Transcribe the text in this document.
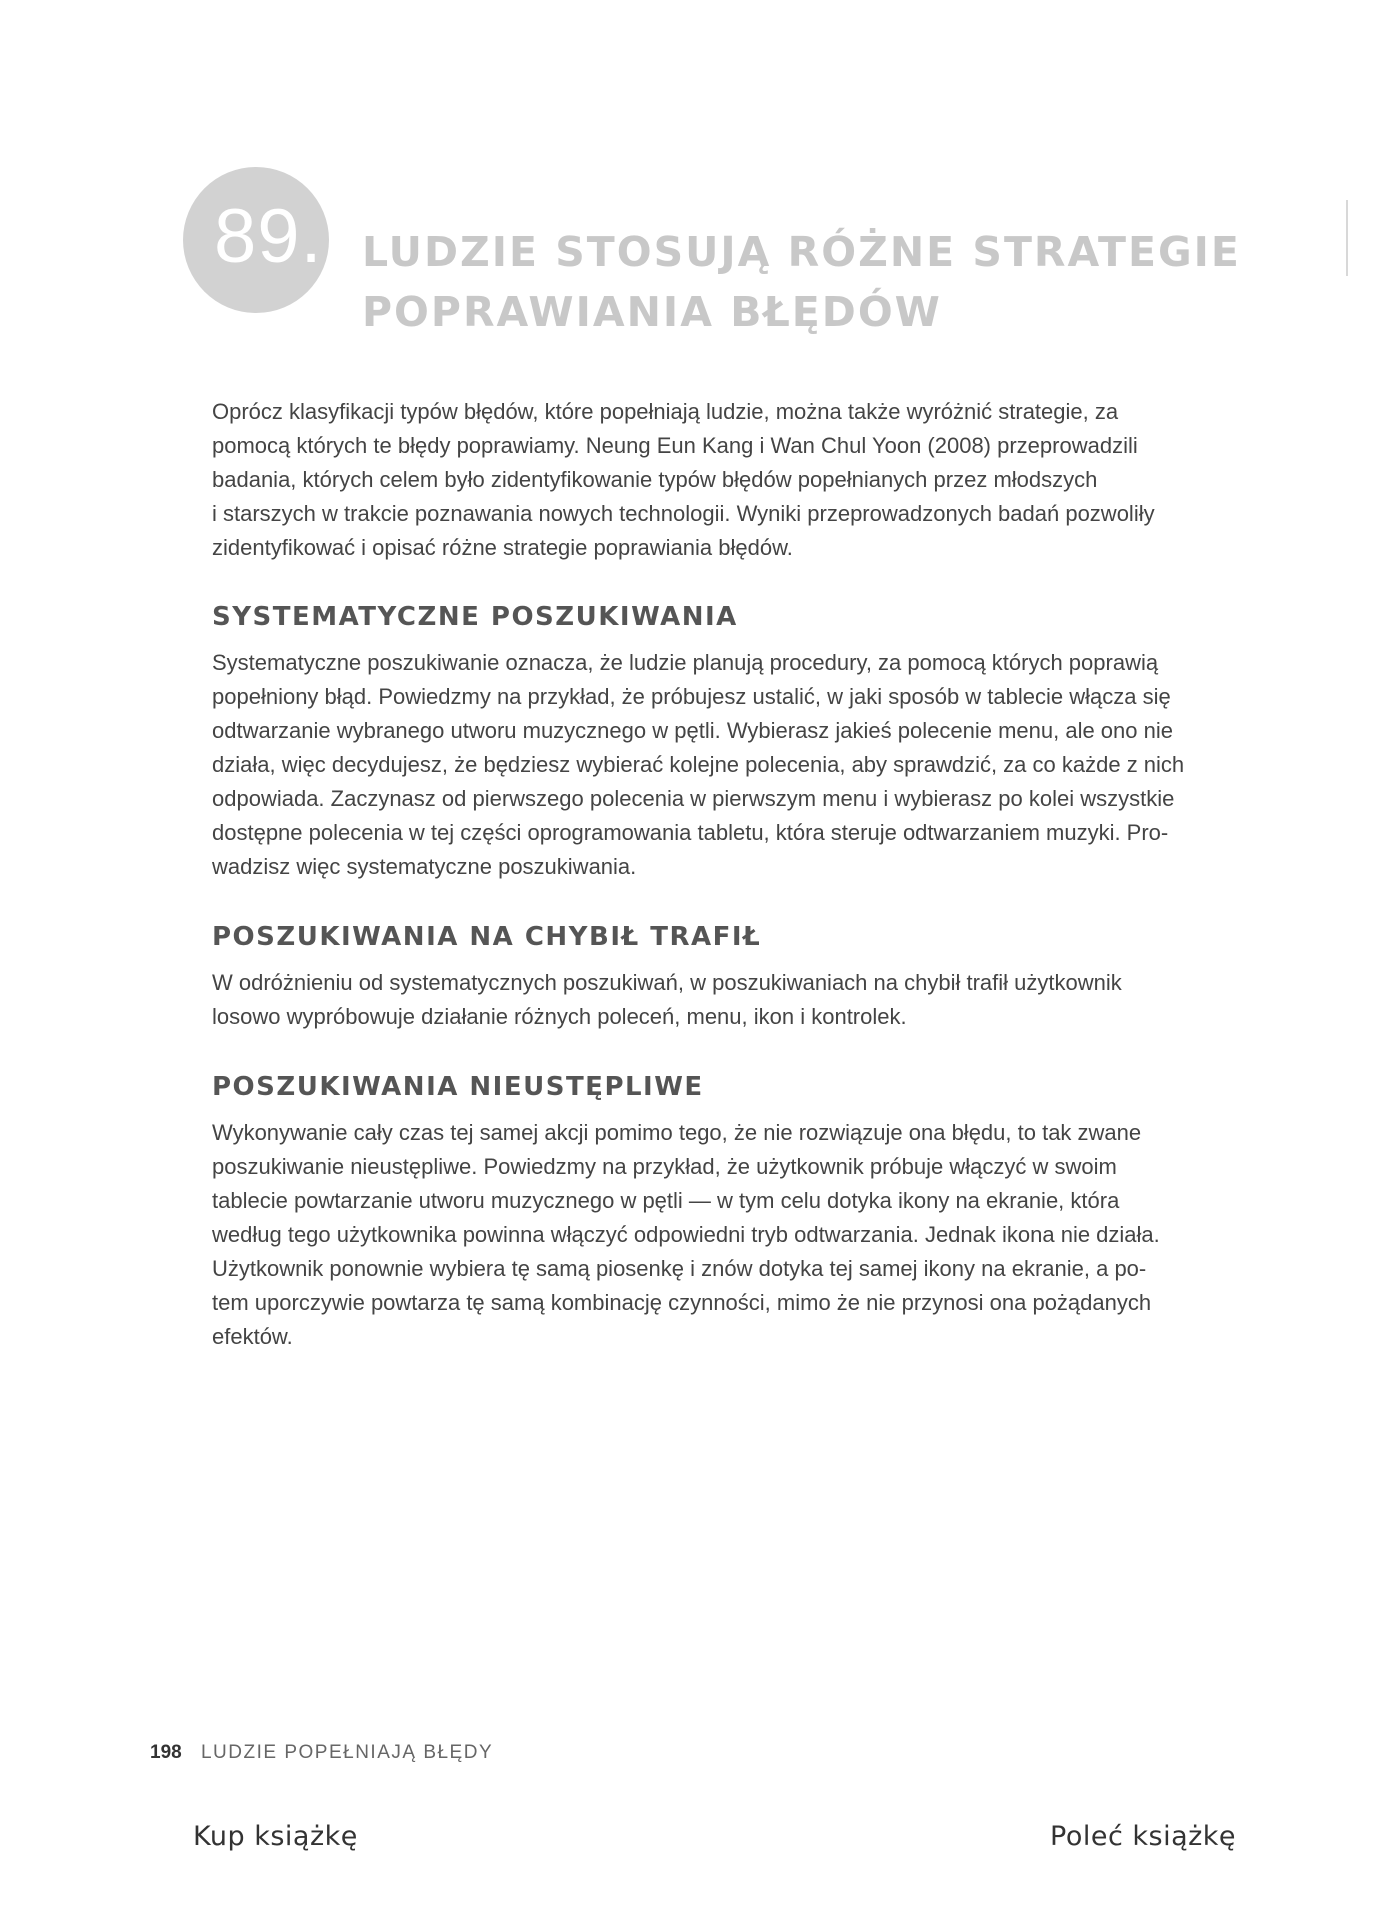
89. LUDZIE STOSUJĄ RÓŻNE STRATEGIE
POPRAWIANIA BŁĘDÓW

Oprócz klasyfikacji typów błędów, które popełniają ludzie, można także wyróżnić strategie, za
pomocą których te błędy poprawiamy. Neung Eun Kang i Wan Chul Yoon (2008) przeprowadzili
badania, których celem było zidentyfikowanie typów błędów popełnianych przez młodszych
i starszych w trakcie poznawania nowych technologii. Wyniki przeprowadzonych badań pozwoliły
zidentyfikować i opisać różne strategie poprawiania błędów.

SYSTEMATYCZNE POSZUKIWANIA

Systematyczne poszukiwanie oznacza, że ludzie planują procedury, za pomocą których poprawią
popełniony błąd. Powiedzmy na przykład, że próbujesz ustalić, w jaki sposób w tablecie włącza się
odtwarzanie wybranego utworu muzycznego w pętli. Wybierasz jakieś polecenie menu, ale ono nie
działa, więc decydujesz, że będziesz wybierać kolejne polecenia, aby sprawdzić, za co każde z nich
odpowiada. Zaczynasz od pierwszego polecenia w pierwszym menu i wybierasz po kolei wszystkie
dostępne polecenia w tej części oprogramowania tabletu, która steruje odtwarzaniem muzyki. Pro-
wadzisz więc systematyczne poszukiwania.

POSZUKIWANIA NA CHYBIŁ TRAFIŁ

W odróżnieniu od systematycznych poszukiwań, w poszukiwaniach na chybił trafił użytkownik
losowo wypróbowuje działanie różnych poleceń, menu, ikon i kontrolek.

POSZUKIWANIA NIEUSTĘPLIWE

Wykonywanie cały czas tej samej akcji pomimo tego, że nie rozwiązuje ona błędu, to tak zwane
poszukiwanie nieustępliwe. Powiedzmy na przykład, że użytkownik próbuje włączyć w swoim
tablecie powtarzanie utworu muzycznego w pętli — w tym celu dotyka ikony na ekranie, która
według tego użytkownika powinna włączyć odpowiedni tryb odtwarzania. Jednak ikona nie działa.
Użytkownik ponownie wybiera tę samą piosenkę i znów dotyka tej samej ikony na ekranie, a po-
tem uporczywie powtarza tę samą kombinację czynności, mimo że nie przynosi ona pożądanych
efektów.

198 LUDZIE POPEŁNIAJĄ BŁĘDY
Kup książkę	Poleć książkę
